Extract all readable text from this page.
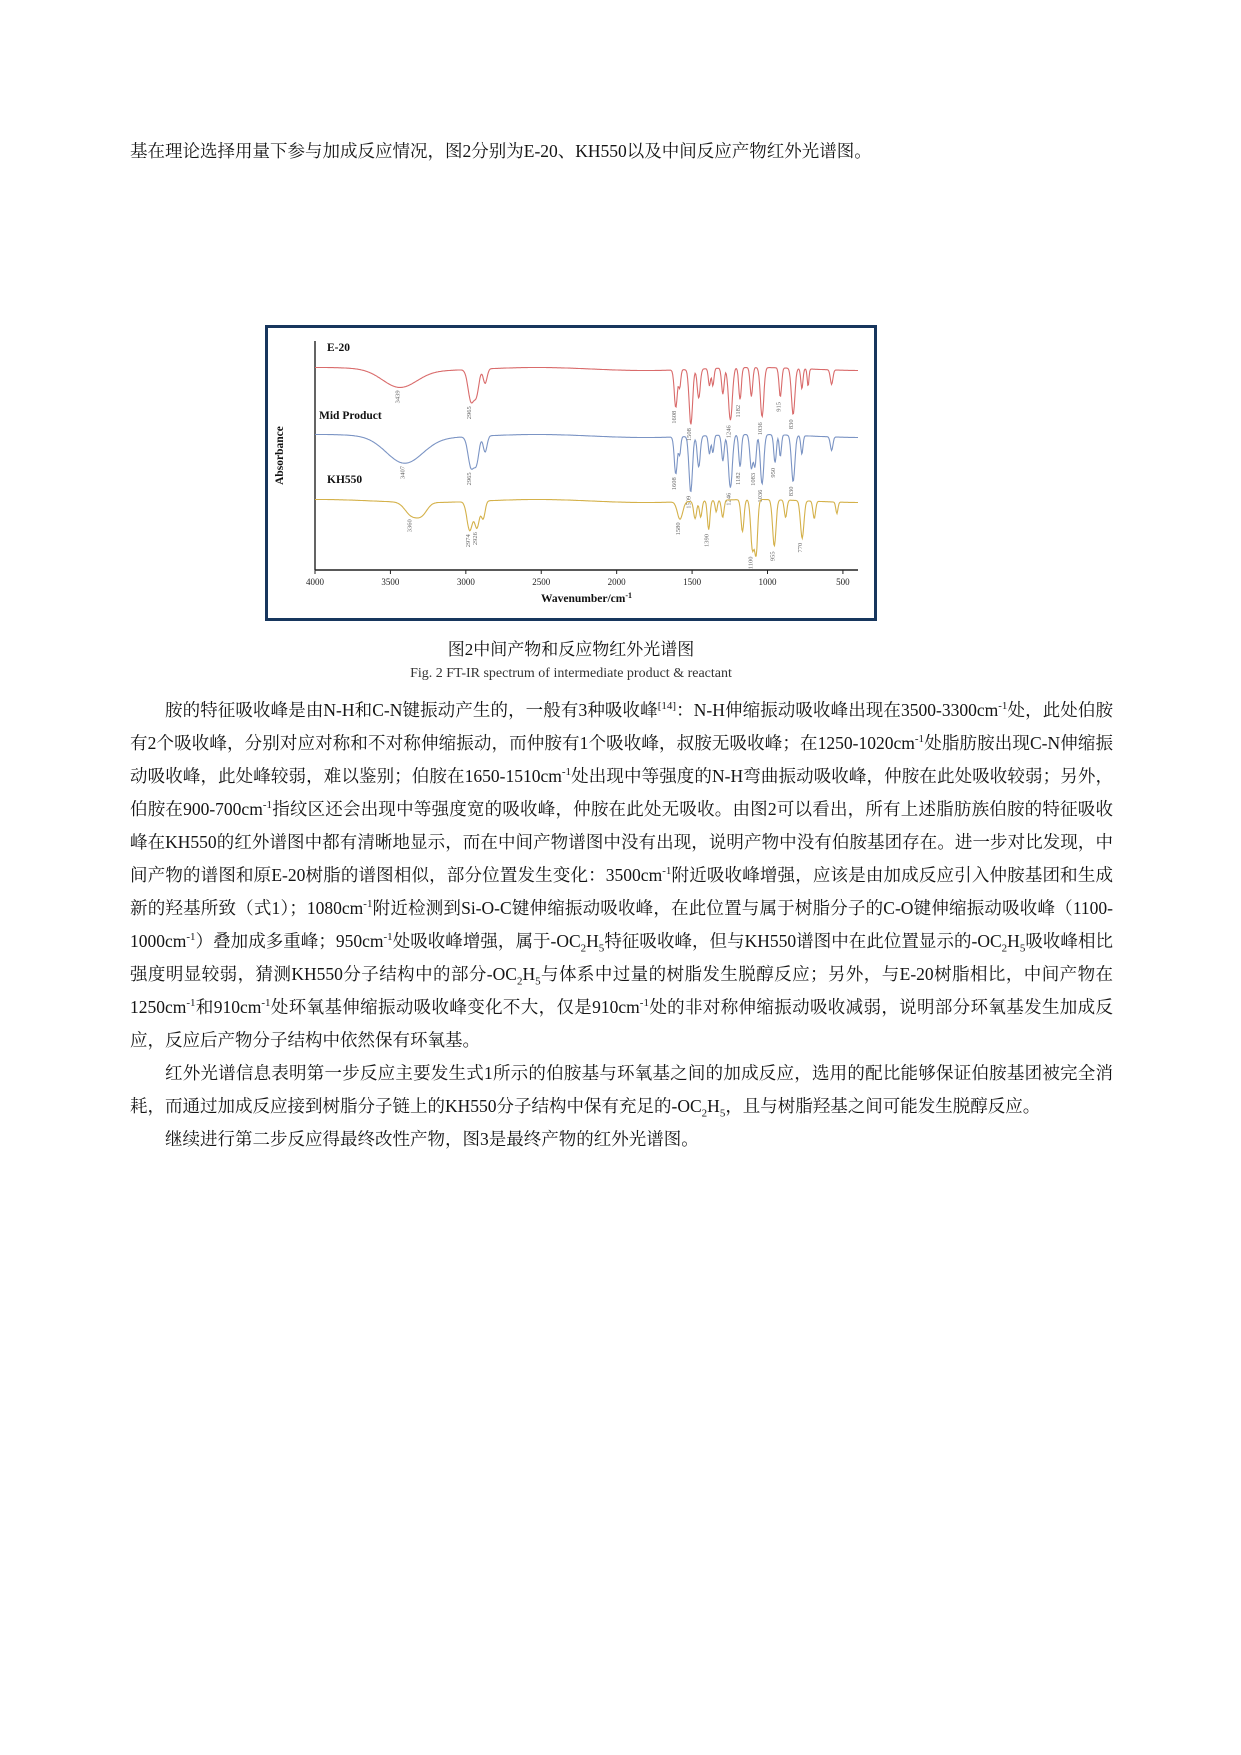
基在理论选择用量下参与加成反应情况，图2分别为E-20、KH550以及中间反应产物红外光谱图。

4000	3500	3000	2500	2000	1500	1000	500
Wavenumber/$cm^{-1}$
Absorbance
E-20
3439
2965	1608
1508	1246
1182
1036
915
830
Mid Product
3407	2965	1608
1509	1246
1182 1083
1036
950
830
KH550
3360
2974 2926
1580
1390
1100
955
770
图2中间产物和反应物红外光谱图
Fig. 2 FT-IR spectrum of intermediate product & reactant

胺的特征吸收峰是由N-H和C-N键振动产生的，一般有3种吸收峰[14]：N-H伸缩振动吸收峰出现在$3500-3300cm^{-1}$处，此处伯胺有2个吸收峰，分别对应对称和不对称伸缩振动，而仲胺有1个吸收峰，叔胺无吸收峰；在$1250-1020cm^{-1}$处脂肪胺出现C-N伸缩振动吸收峰，此处峰较弱，难以鉴别；伯胺在$1650-1510cm^{-1}$处出现中等强度的N-H弯曲振动吸收峰，仲胺在此处吸收较弱；另外，伯胺在$900-700cm^{-1}$指纹区还会出现中等强度宽的吸收峰，仲胺在此处无吸收。由图2可以看出，所有上述脂肪族伯胺的特征吸收峰在KH550的红外谱图中都有清晰地显示，而在中间产物谱图中没有出现，说明产物中没有伯胺基团存在。进一步对比发现，中间产物的谱图和原E-20树脂的谱图相似，部分位置发生变化：$3500cm^{-1}$附近吸收峰增强，应该是由加成反应引入仲胺基团和生成新的羟基所致（式1）；$1080cm^{-1}$附近检测到Si-O-C键伸缩振动吸收峰，在此位置与属于树脂分子的C-O键伸缩振动吸收峰$(1100-1000cm^{-1})$叠加成多重峰；$950cm^{-1}$处吸收峰增强，属于$-OC_2H_5$特征吸收峰，但与KH550谱图中在此位置显示的$-OC_2H_5$吸收峰相比强度明显较弱，猜测KH550分子结构中的部分$-OC_2H_5$与体系中过量的树脂发生脱醇反应；另外，与E-20树脂相比，中间产物在$1250cm^{-1}$和$910cm^{-1}$处环氧基伸缩振动吸收峰变化不大，仅是$910cm^{-1}$处的非对称伸缩振动吸收减弱，说明部分环氧基发生加成反应，反应后产物分子结构中依然保有环氧基。

红外光谱信息表明第一步反应主要发生式1所示的伯胺基与环氧基之间的加成反应，选用的配比能够保证伯胺基团被完全消耗，而通过加成反应接到树脂分子链上的KH550分子结构中保有充足的$-OC_2H_5$，且与树脂羟基之间可能发生脱醇反应。

继续进行第二步反应得最终改性产物，图3是最终产物的红外光谱图。
